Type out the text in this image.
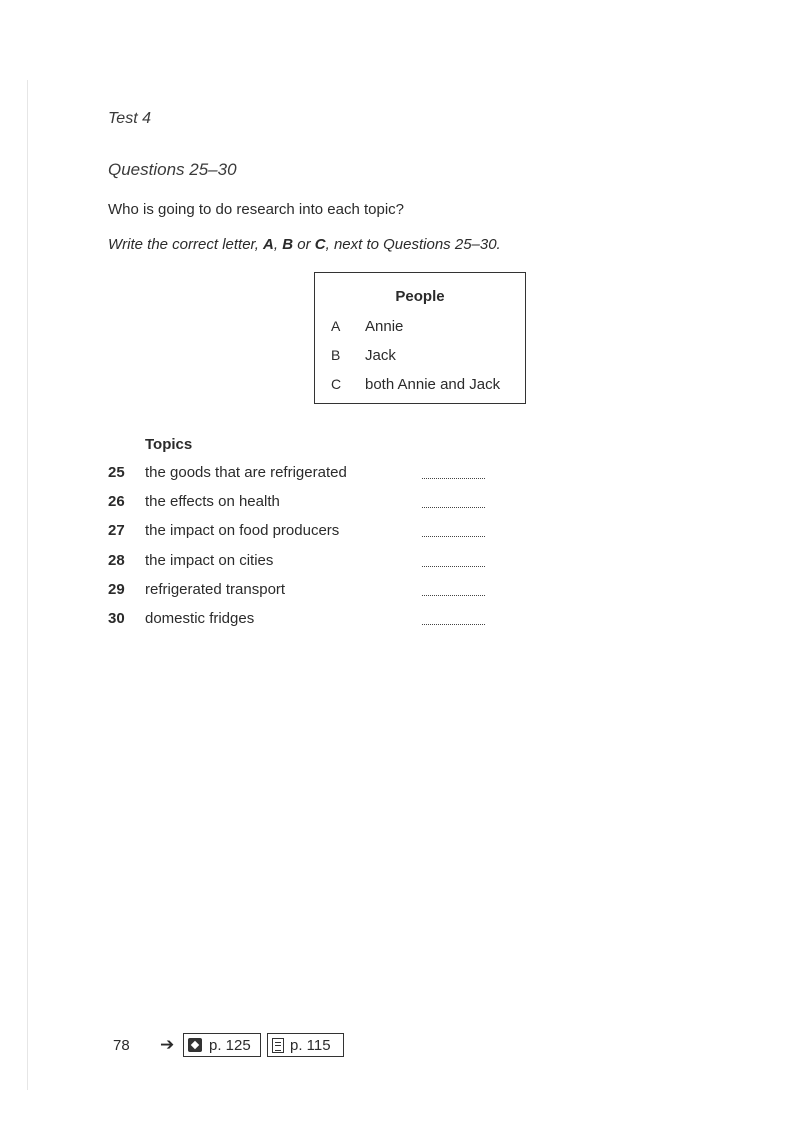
Test 4
Questions 25–30
Who is going to do research into each topic?
Write the correct letter, A, B or C, next to Questions 25–30.
People
A	Annie
B	Jack
C both Annie and Jack
Topics
25 the goods that are refrigerated
26 the effects on health
27 the impact on food producers
28 the impact on cities
29 refrigerated transport
30 domestic fridges
78 ➔ p. 125	p. 115
